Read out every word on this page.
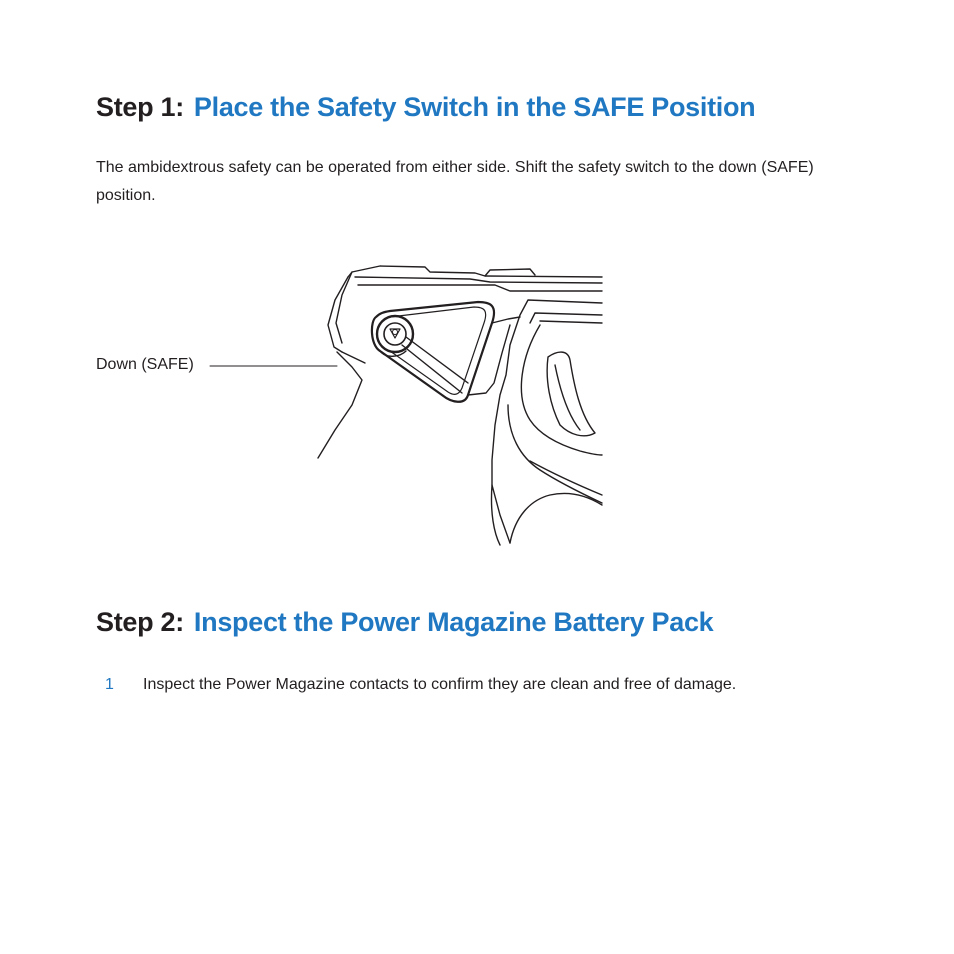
Step 1: Place the Safety Switch in the SAFE Position

The ambidextrous safety can be operated from either side. Shift the safety switch to the down (SAFE) position.

Down (SAFE)
Step 2: Inspect the Power Magazine Battery Pack
1 Inspect the Power Magazine contacts to confirm they are clean and free of damage.
